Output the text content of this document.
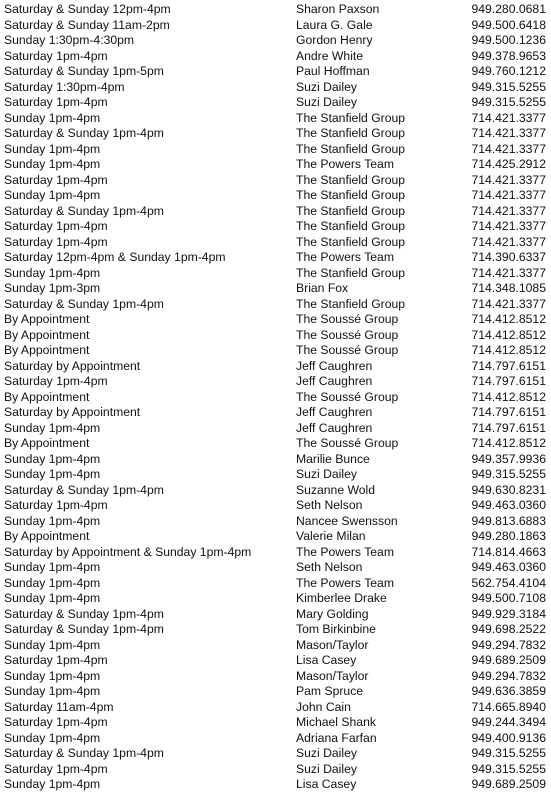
Saturday & Sunday 12pm-4pm	Sharon Paxson	949.280.0681
Saturday & Sunday 11am-2pm	Laura G. Gale	949.500.6418
Sunday 1:30pm-4:30pm	Gordon Henry	949.500.1236
Saturday 1pm-4pm	Andre White	949.378.9653
Saturday & Sunday 1pm-5pm	Paul Hoffman	949.760.1212
Saturday 1:30pm-4pm	Suzi Dailey	949.315.5255
Saturday 1pm-4pm	Suzi Dailey	949.315.5255
Sunday 1pm-4pm	The Stanfield Group	714.421.3377
Saturday & Sunday 1pm-4pm	The Stanfield Group	714.421.3377
Sunday 1pm-4pm	The Stanfield Group	714.421.3377
Sunday 1pm-4pm	The Powers Team	714.425.2912
Saturday 1pm-4pm	The Stanfield Group	714.421.3377
Sunday 1pm-4pm	The Stanfield Group	714.421.3377
Saturday & Sunday 1pm-4pm	The Stanfield Group	714.421.3377
Saturday 1pm-4pm	The Stanfield Group	714.421.3377
Saturday 1pm-4pm	The Stanfield Group	714.421.3377
Saturday 12pm-4pm & Sunday 1pm-4pm	The Powers Team	714.390.6337
Sunday 1pm-4pm	The Stanfield Group	714.421.3377
Sunday 1pm-3pm	Brian Fox	714.348.1085
Saturday & Sunday 1pm-4pm	The Stanfield Group	714.421.3377
By Appointment	The Soussé Group	714.412.8512
By Appointment	The Soussé Group	714.412.8512
By Appointment	The Soussé Group	714.412.8512
Saturday by Appointment	Jeff Caughren	714.797.6151
Saturday 1pm-4pm	Jeff Caughren	714.797.6151
By Appointment	The Soussé Group	714.412.8512
Saturday by Appointment	Jeff Caughren	714.797.6151
Sunday 1pm-4pm	Jeff Caughren	714.797.6151
By Appointment	The Soussé Group	714.412.8512
Sunday 1pm-4pm	Marilie Bunce	949.357.9936
Sunday 1pm-4pm	Suzi Dailey	949.315.5255
Saturday & Sunday 1pm-4pm	Suzanne Wold	949.630.8231
Saturday 1pm-4pm	Seth Nelson	949.463.0360
Sunday 1pm-4pm	Nancee Swensson	949.813.6883
By Appointment	Valerie Milan	949.280.1863
Saturday by Appointment & Sunday 1pm-4pm	The Powers Team	714.814.4663
Sunday 1pm-4pm	Seth Nelson	949.463.0360
Sunday 1pm-4pm	The Powers Team	562.754.4104
Sunday 1pm-4pm	Kimberlee Drake	949.500.7108
Saturday & Sunday 1pm-4pm	Mary Golding	949.929.3184
Saturday & Sunday 1pm-4pm	Tom Birkinbine	949.698.2522
Sunday 1pm-4pm	Mason/Taylor	949.294.7832
Saturday 1pm-4pm	Lisa Casey	949.689.2509
Sunday 1pm-4pm	Mason/Taylor	949.294.7832
Sunday 1pm-4pm	Pam Spruce	949.636.3859
Saturday 11am-4pm	John Cain	714.665.8940
Saturday 1pm-4pm	Michael Shank	949.244.3494
Sunday 1pm-4pm	Adriana Farfan	949.400.9136
Saturday & Sunday 1pm-4pm	Suzi Dailey	949.315.5255
Saturday 1pm-4pm	Suzi Dailey	949.315.5255
Sunday 1pm-4pm	Lisa Casey	949.689.2509
